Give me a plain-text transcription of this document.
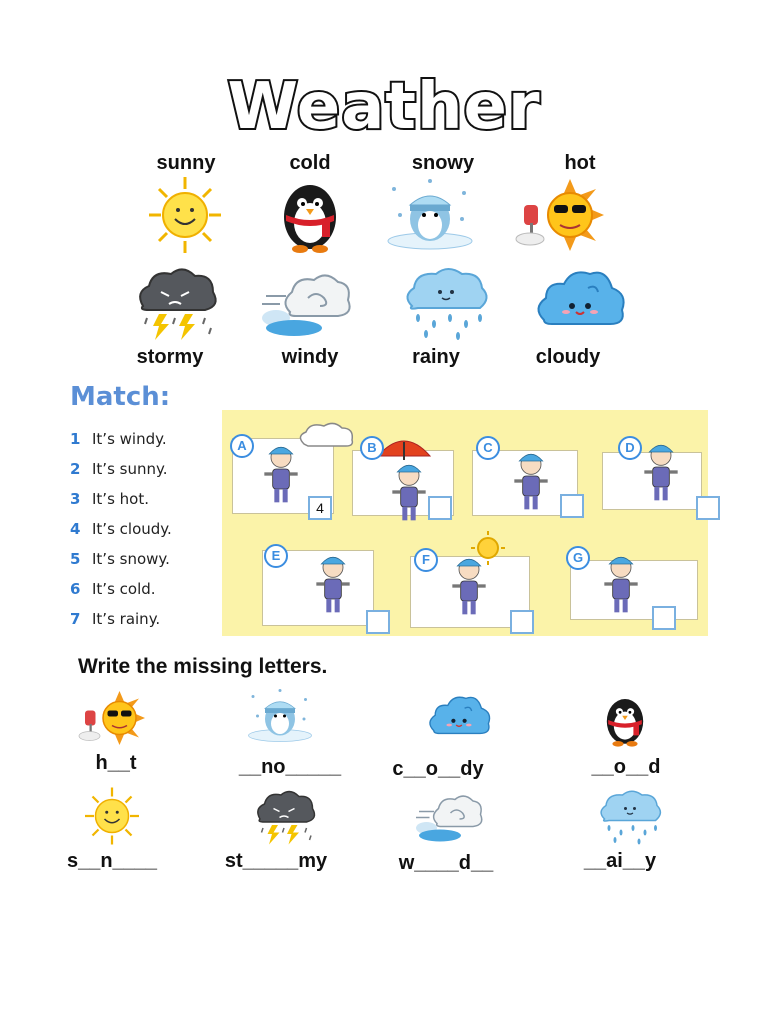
Weather
sunny	cold	snowy	hot
stormy	windy	rainy	cloudy
Match:
1 It’s windy.
2 It’s sunny.
3 It’s hot.
4 It’s cloudy.
5 It’s snowy.
6 It’s cold.
7 It’s rainy.
A	B	C	D
E	F	G
4
Write the missing letters.
h__t	__no_____	c__o__dy	__o__d
s__n____	st_____my	w____d__	__ai__y
